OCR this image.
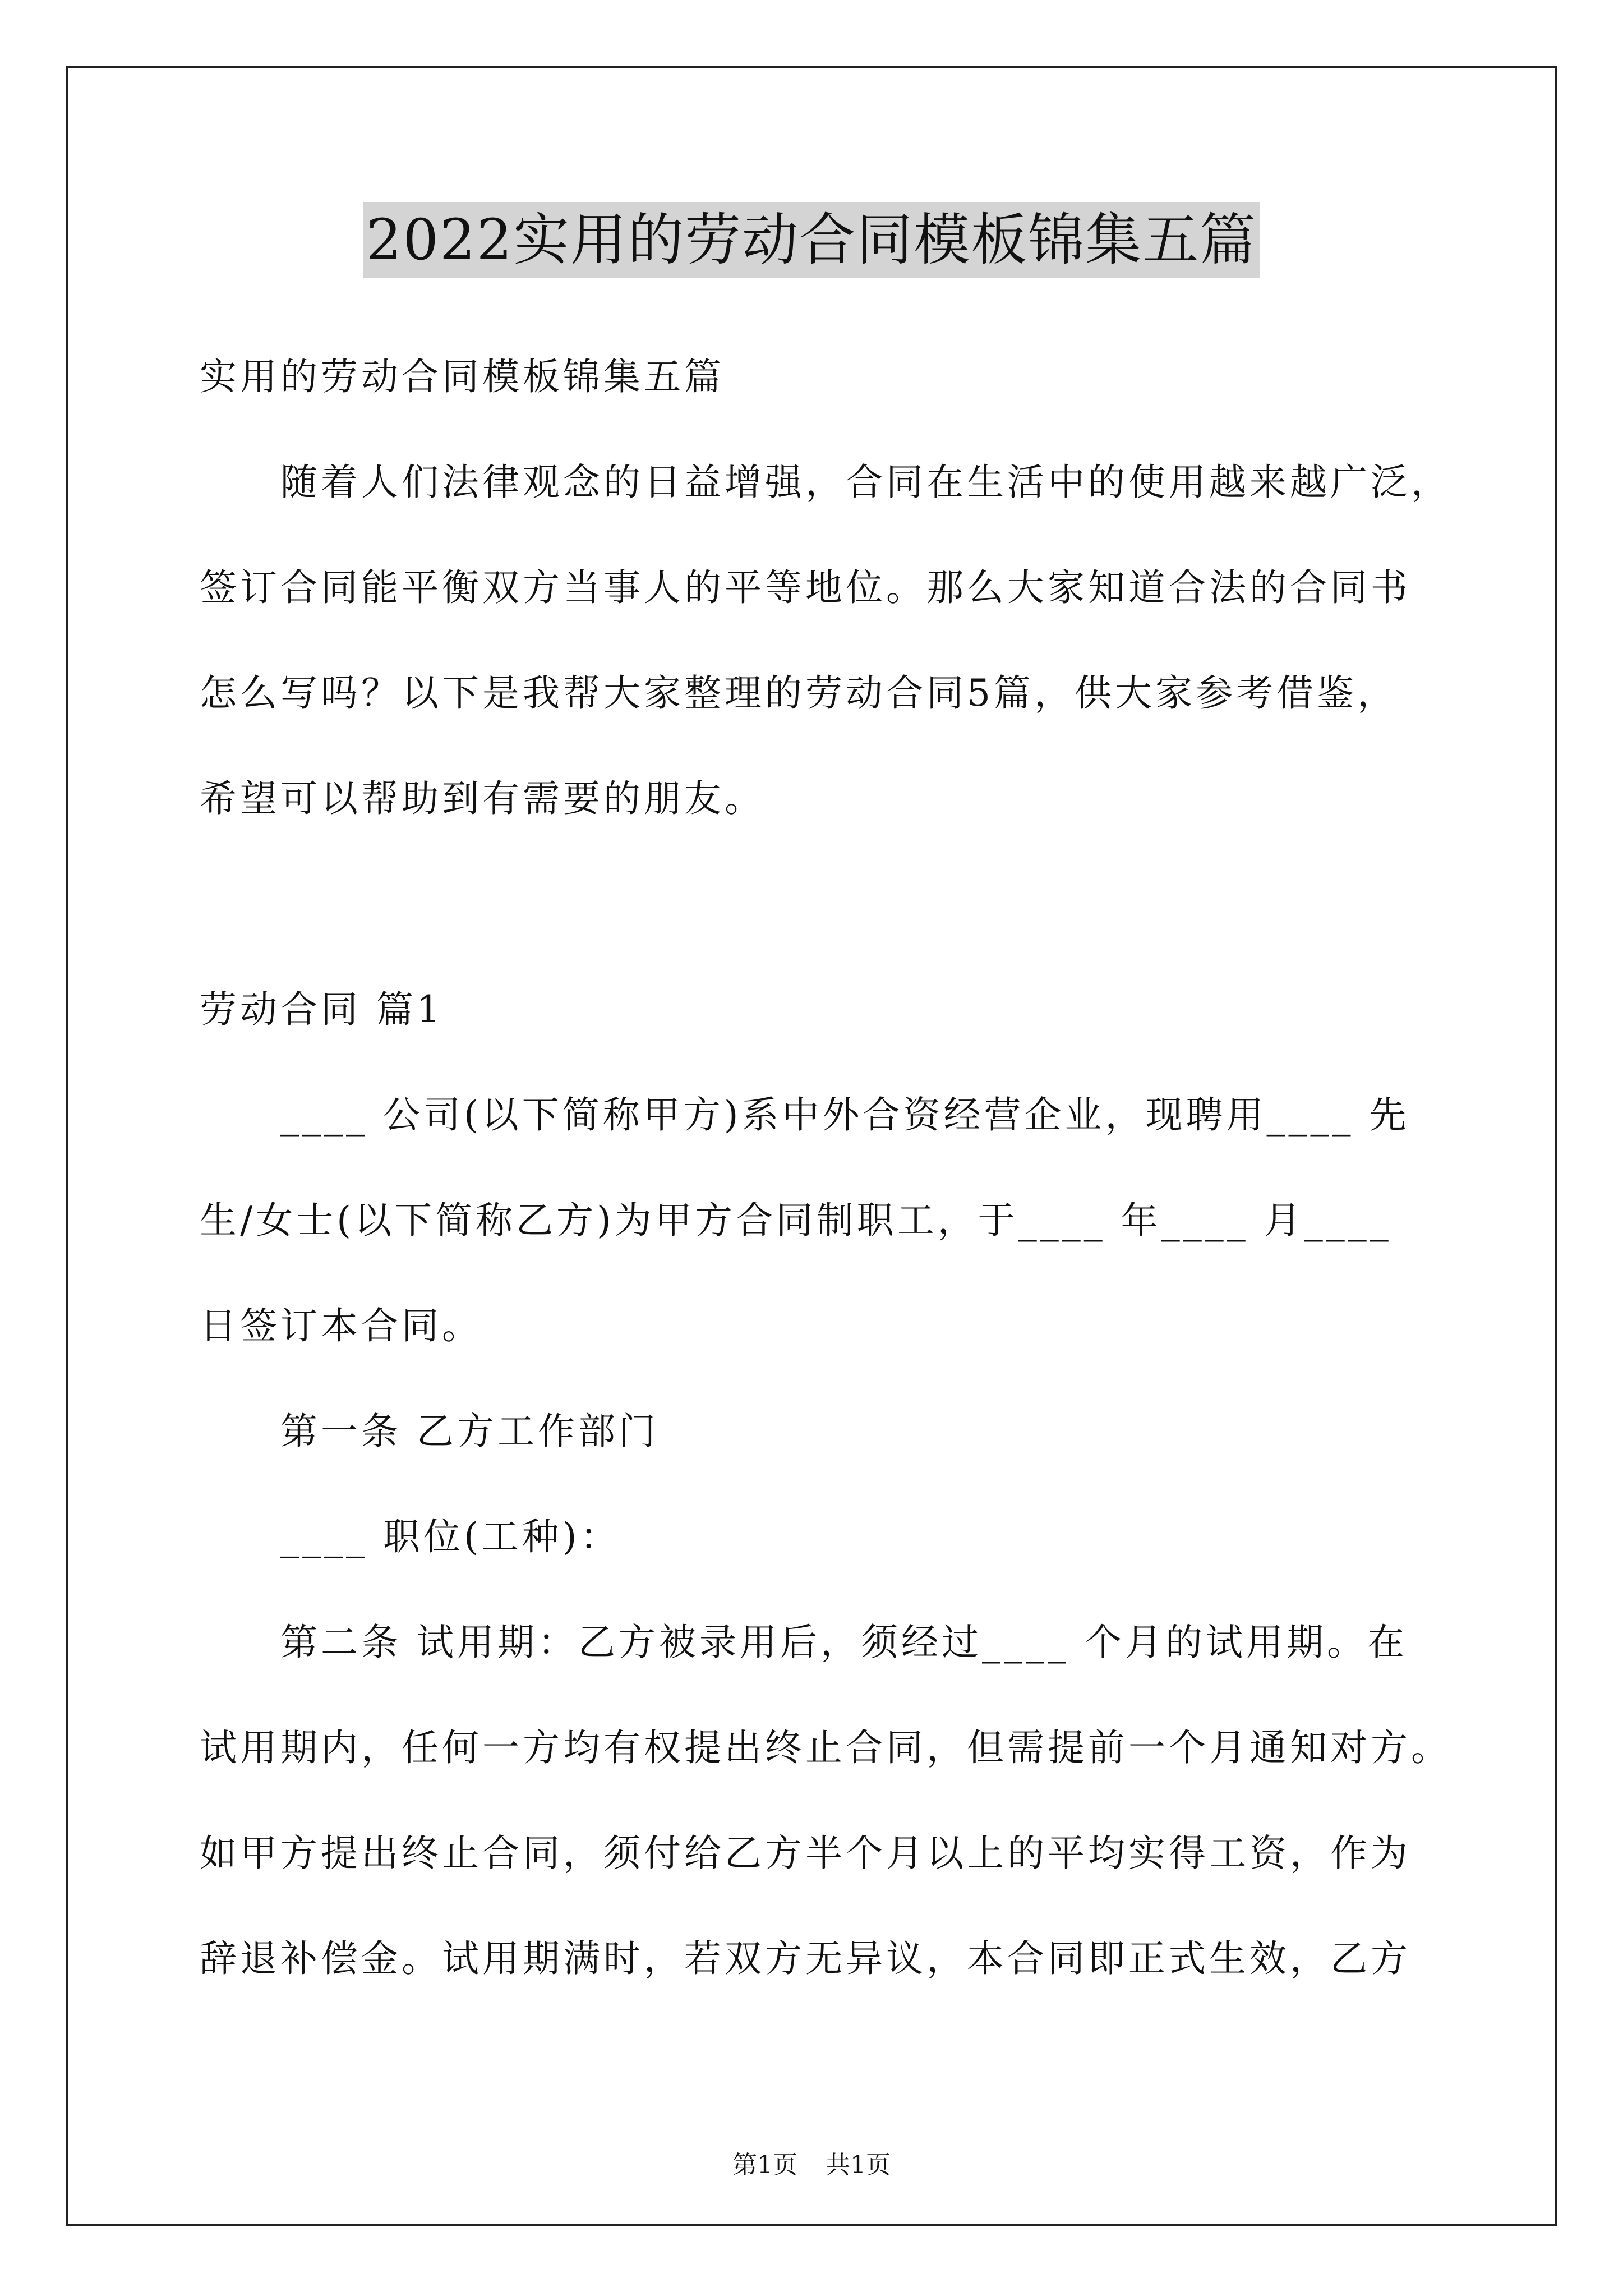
2022实用的劳动合同模板锦集五篇

实用的劳动合同模板锦集五篇

随着人们法律观念的日益增强，合同在生活中的使用越来越广泛，

签订合同能平衡双方当事人的平等地位。那么大家知道合法的合同书

怎么写吗？以下是我帮大家整理的劳动合同5篇，供大家参考借鉴，

希望可以帮助到有需要的朋友。

劳动合同 篇1

____ 公司(以下简称甲方)系中外合资经营企业，现聘用____ 先

生/女士(以下简称乙方)为甲方合同制职工，于____ 年____ 月____

日签订本合同。

第一条 乙方工作部门

____ 职位(工种)：

第二条 试用期：乙方被录用后，须经过____ 个月的试用期。在

试用期内，任何一方均有权提出终止合同，但需提前一个月通知对方。

如甲方提出终止合同，须付给乙方半个月以上的平均实得工资，作为

辞退补偿金。试用期满时，若双方无异议，本合同即正式生效，乙方

第1页 共1页
